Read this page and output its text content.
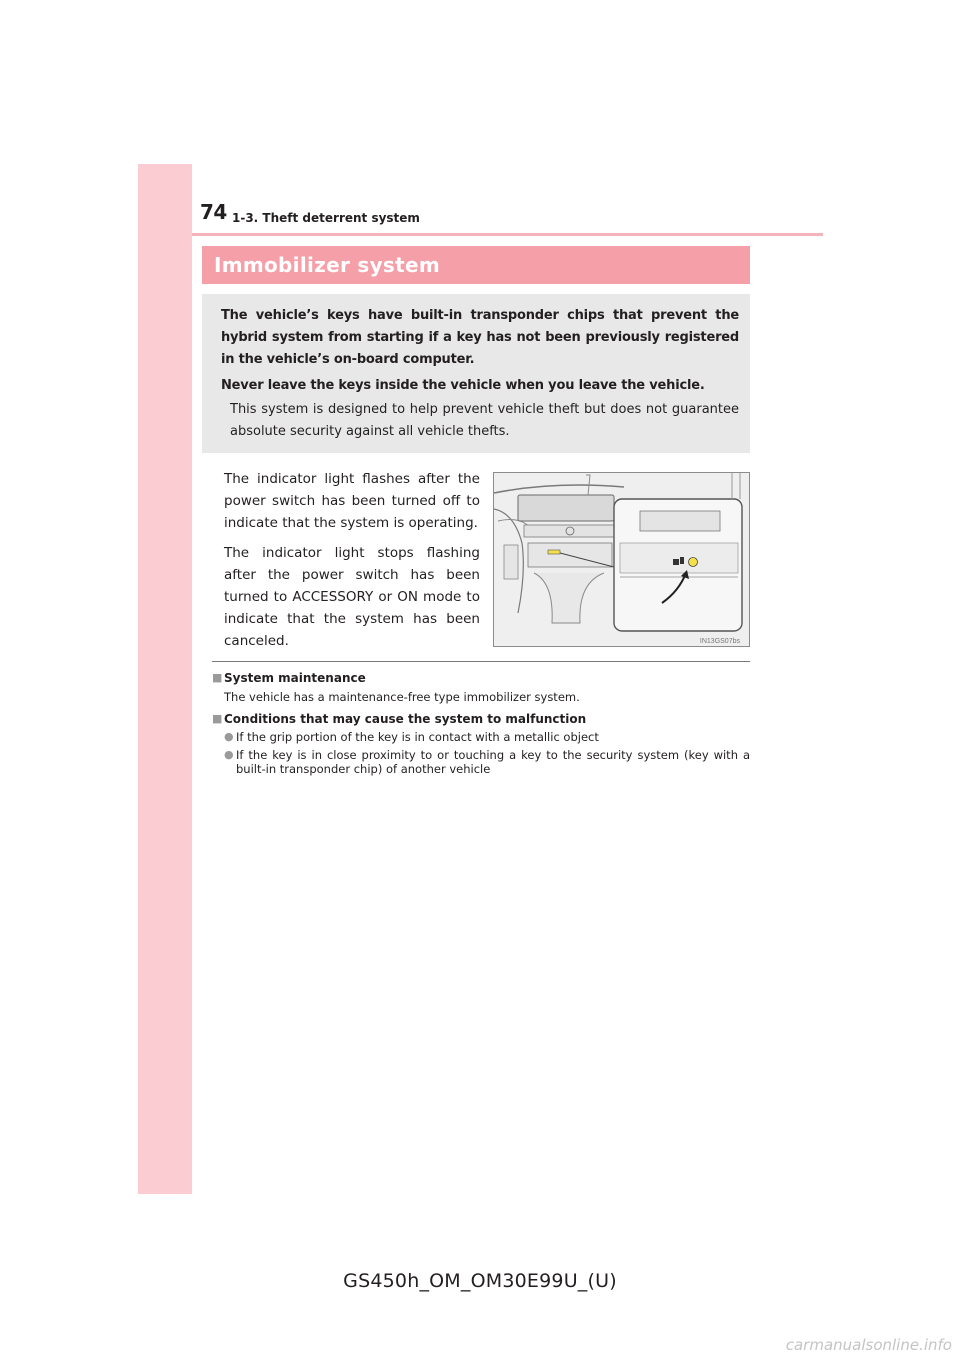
74 1-3. Theft deterrent system
Immobilizer system

The vehicle’s keys have built-in transponder chips that prevent the hybrid system from starting if a key has not been previously registered in the vehicle’s on-board computer.

Never leave the keys inside the vehicle when you leave the vehicle.

This system is designed to help prevent vehicle theft but does not guarantee absolute security against all vehicle thefts.

The indicator light flashes after the power switch has been turned off to indicate that the system is operating.

The indicator light stops flashing after the power switch has been turned to ACCESSORY or ON mode to indicate that the system has been canceled.	IN13GS07bs
■ System maintenance

The vehicle has a maintenance-free type immobilizer system.

■ Conditions that may cause the system to malfunction
● If the grip portion of the key is in contact with a metallic object
● If the key is in close proximity to or touching a key to the security system (key with a built-in transponder chip) of another vehicle
GS450h_OM_OM30E99U_(U)
carmanualsonline.info
